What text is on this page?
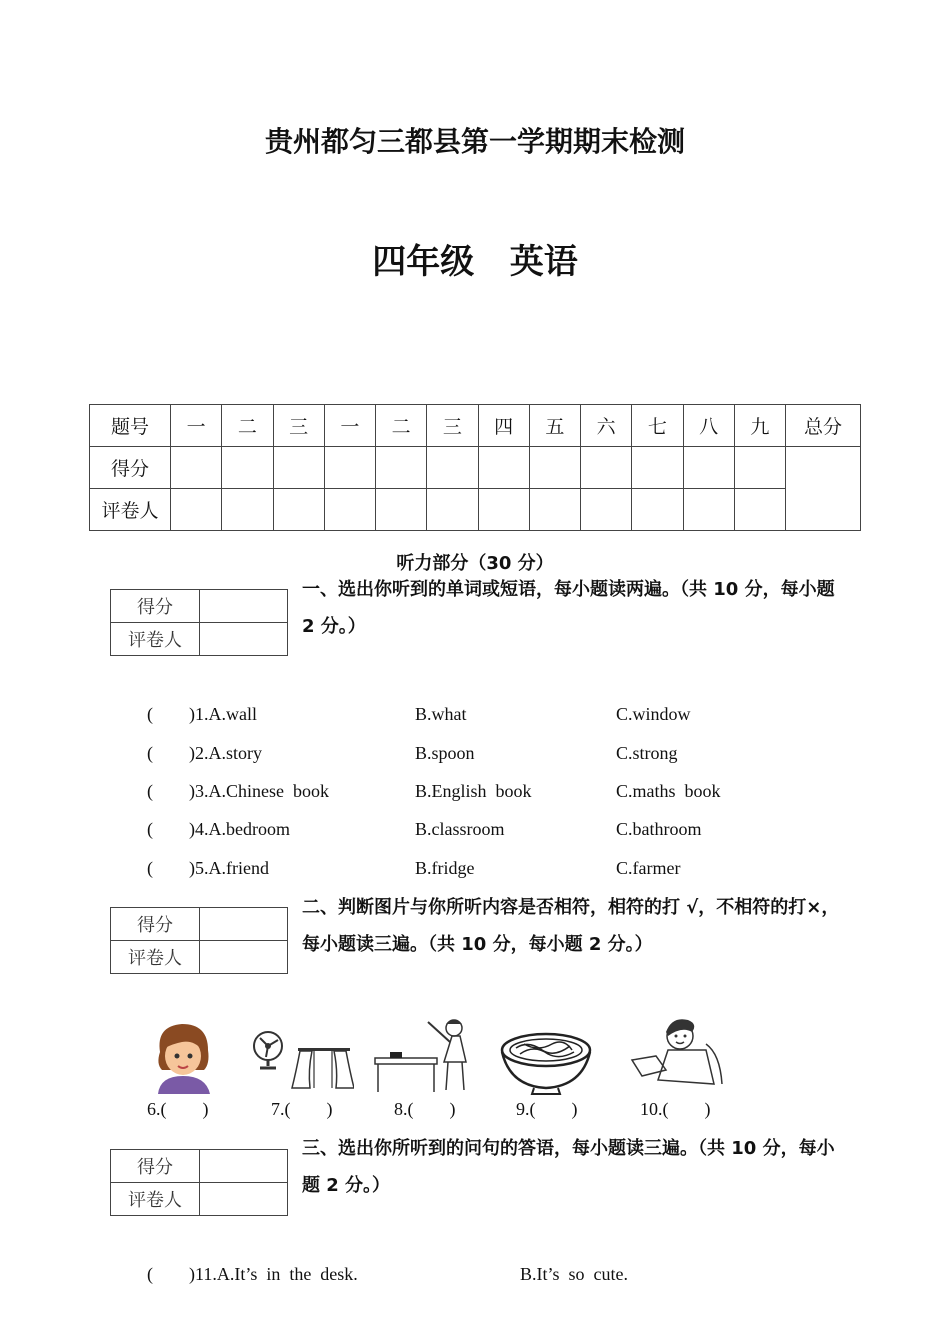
贵州都匀三都县第一学期期末检测
四年级   英语
题号	一	二	三	一	二	三	四	五	六	七	八	九	总分
得分													
评卷人													
听力部分（30 分）
得分	
评卷人	
一、选出你听到的单词或短语，每小题读两遍。（共 10 分，每小题 2 分。）
(        )1.A.wall	B.what	C.window
(        )2.A.story	B.spoon	C.strong
(        )3.A.Chinese  book	B.English  book	C.maths  book
(        )4.A.bedroom	B.classroom	C.bathroom
(        )5.A.friend	B.fridge	C.farmer
得分	
评卷人	
二、判断图片与你所听内容是否相符，相符的打 √，不相符的打×，每小题读三遍。（共 10 分，每小题 2 分。）
6.(        )	7.(        )	8.(        )	9.(        )	10.(        )
得分	
评卷人	
三、选出你所听到的问句的答语，每小题读三遍。（共 10 分，每小题 2 分。）
(        )11.A.It’s  in  the  desk.	B.It’s  so  cute.
